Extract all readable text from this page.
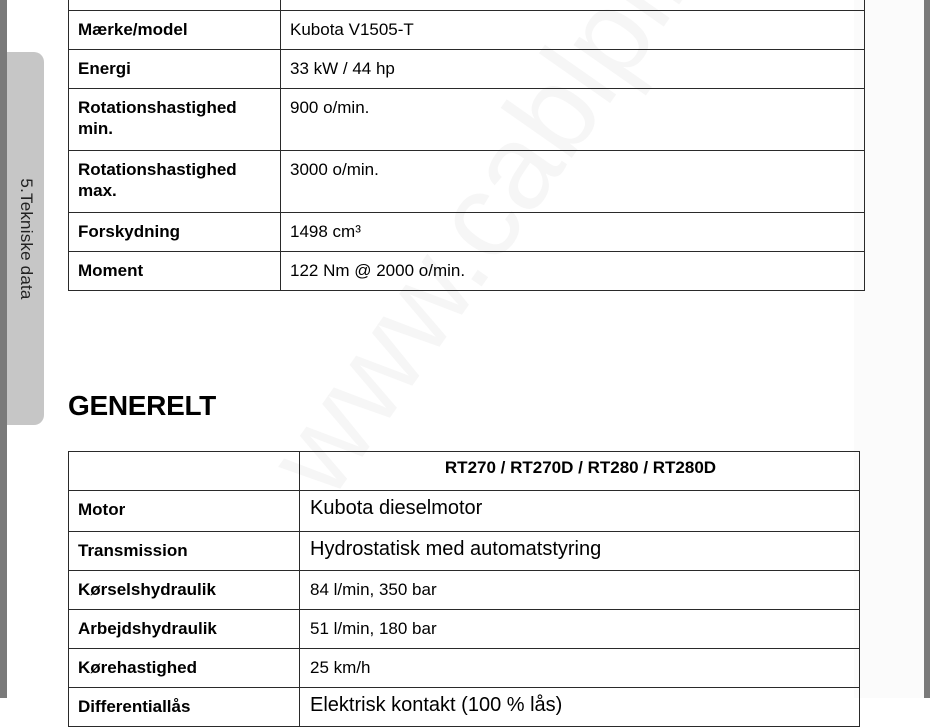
5.Tekniske data

Mærke/model	Kubota V1505-T
Energi	33 kW / 44 hp
Rotationshastighed min.	900 o/min.
Rotationshastighed max.	3000 o/min.
Forskydning	1498 cm³
Moment	122 Nm @ 2000 o/min.
GENERELT
	RT270 / RT270D / RT280 / RT280D
Motor	Kubota dieselmotor
Transmission	Hydrostatisk med automatstyring
Kørselshydraulik	84 l/min, 350 bar
Arbejdshydraulik	51 l/min, 180 bar
Kørehastighed	25 km/h
Differentiallås	Elektrisk kontakt (100 % lås)
